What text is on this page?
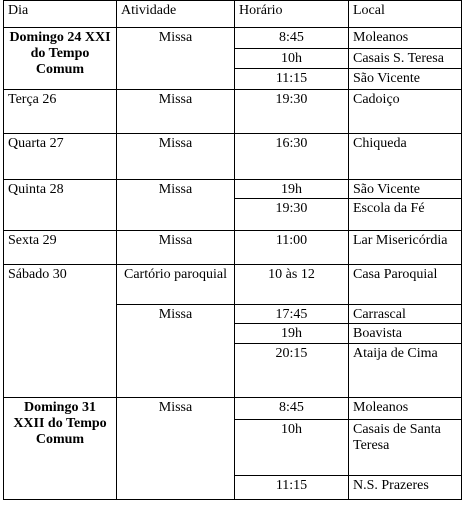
Dia	Atividade	Horário	Local
Domingo 24 XXI do Tempo Comum	Missa	8:45	Moleanos
		10h	Casais S. Teresa
		11:15	São Vicente
Terça 26	Missa	19:30	Cadoiço
Quarta 27	Missa	16:30	Chiqueda
Quinta 28	Missa	19h	São Vicente
		19:30	Escola da Fé
Sexta 29	Missa	11:00	Lar Misericórdia
Sábado 30	Cartório paroquial	10 às 12	Casa Paroquial
	Missa	17:45	Carrascal
		19h	Boavista
		20:15	Ataija de Cima
Domingo 31 XXII do Tempo Comum	Missa	8:45	Moleanos
		10h	Casais de Santa Teresa
		11:15	N.S. Prazeres
